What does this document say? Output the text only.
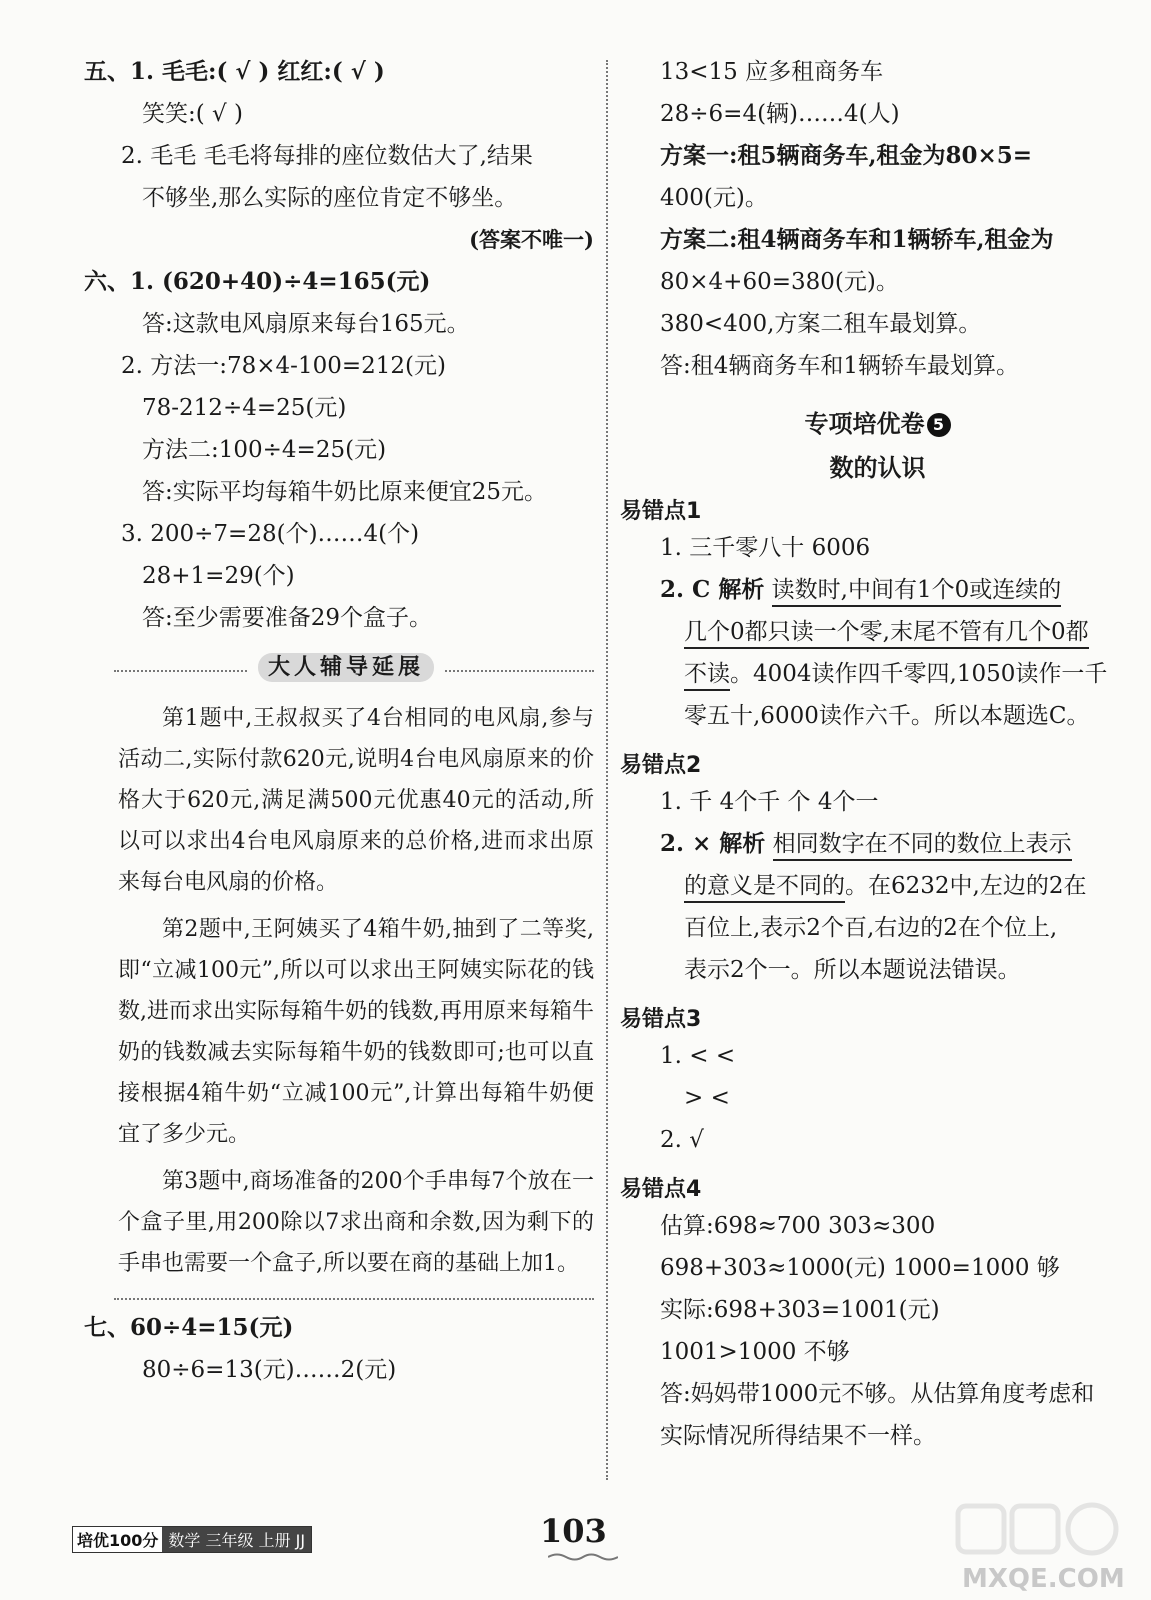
五、1. 毛毛:( √ ) 红红:( √ )
笑笑:( √ )
2. 毛毛 毛毛将每排的座位数估大了,结果
不够坐,那么实际的座位肯定不够坐。
(答案不唯一)
六、1. (620+40)÷4=165(元)
答:这款电风扇原来每台165元。
2. 方法一:78×4-100=212(元)
78-212÷4=25(元)
方法二:100÷4=25(元)
答:实际平均每箱牛奶比原来便宜25元。
3. 200÷7=28(个)……4(个)
28+1=29(个)
答:至少需要准备29个盒子。
大人辅导延展
第1题中,王叔叔买了4台相同的电风扇,参与活动二,实际付款620元,说明4台电风扇原来的价格大于620元,满足满500元优惠40元的活动,所以可以求出4台电风扇原来的总价格,进而求出原来每台电风扇的价格。
第2题中,王阿姨买了4箱牛奶,抽到了二等奖,即“立减100元”,所以可以求出王阿姨实际花的钱数,进而求出实际每箱牛奶的钱数,再用原来每箱牛奶的钱数减去实际每箱牛奶的钱数即可;也可以直接根据4箱牛奶“立减100元”,计算出每箱牛奶便宜了多少元。
第3题中,商场准备的200个手串每7个放在一个盒子里,用200除以7求出商和余数,因为剩下的手串也需要一个盒子,所以要在商的基础上加1。
七、60÷4=15(元)
80÷6=13(元)……2(元)
13<15 应多租商务车
28÷6=4(辆)……4(人)
方案一:租5辆商务车,租金为80×5=
400(元)。
方案二:租4辆商务车和1辆轿车,租金为
80×4+60=380(元)。
380<400,方案二租车最划算。
答:租4辆商务车和1辆轿车最划算。
专项培优卷 5
数的认识
易错点1
1. 三千零八十 6006
2. C 解析 读数时,中间有1个0或连续的
几个0都只读一个零,末尾不管有几个0都
不读。4004读作四千零四,1050读作一千
零五十,6000读作六千。所以本题选C。
易错点2
1. 千 4个千 个 4个一
2. × 解析 相同数字在不同的数位上表示
的意义是不同的。在6232中,左边的2在
百位上,表示2个百,右边的2在个位上,
表示2个一。所以本题说法错误。
易错点3
1. < <
> <
2. √
易错点4
估算:698≈700 303≈300
698+303≈1000(元) 1000=1000 够
实际:698+303=1001(元)
1001>1000 不够
答:妈妈带1000元不够。从估算角度考虑和
实际情况所得结果不一样。
培优100分 数学 三年级 上册 JJ	103
MXQE.COM
